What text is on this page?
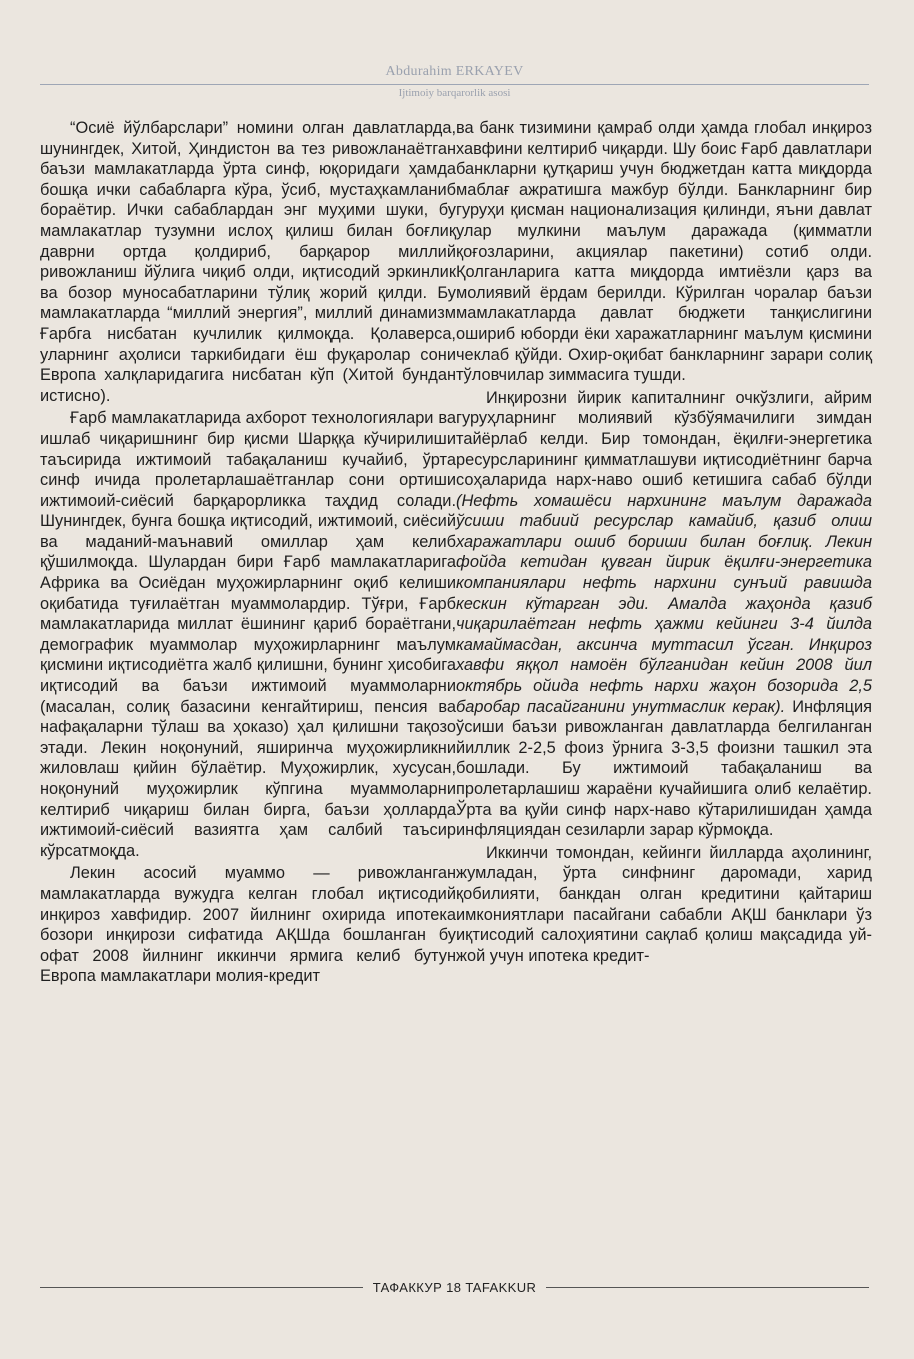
Abdurahim ERKAYEV
Ijtimoiy barqarorlik asosi

“Осиё йўлбарслари” номини олган давлатларда, шунингдек, Хитой, Ҳиндистон ва тез ривожланаётган баъзи мамлакатларда ўрта синф, юқоридаги ҳамда бошқа ички сабабларга кўра, ўсиб, мустаҳкамланиб бораётир. Ички сабаблардан энг муҳими шуки, бу мамлакатлар тузумни ислоҳ қилиш билан боғлиқ даврни ортда қолдириб, барқарор миллий ривожланиш йўлига чиқиб олди, иқтисодий эркинлик ва бозор муносабатларини тўлиқ жорий қилди. Бу мамлакатларда “миллий энергия”, миллий динамизм Ғарбга нисбатан кучлилик қилмоқда. Қолаверса, уларнинг аҳолиси таркибидаги ёш фуқаролар сони Европа халқларидагига нисбатан кўп (Хитой бундан истисно).

Ғарб мамлакатларида ахборот технологиялари ва ишлаб чиқаришнинг бир қисми Шарққа кўчирилиши таъсирида ижтимоий табақаланиш кучайиб, ўрта синф ичида пролетарлашаётганлар сони ортиши ижтимоий-сиёсий барқарорликка таҳдид солади. Шунингдек, бунга бошқа иқтисодий, ижтимоий, сиёсий ва маданий-маънавий омиллар ҳам келиб қўшилмоқда. Шулардан бири Ғарб мамлакатларига Африка ва Осиёдан муҳожирларнинг оқиб келиши оқибатида туғилаётган муаммолардир. Тўғри, Ғарб мамлакатларида миллат ёшининг қариб бораётгани, демографик муаммолар муҳожирларнинг маълум қисмини иқтисодиётга жалб қилишни, бунинг ҳисобига иқтисодий ва баъзи ижтимоий муаммоларни (масалан, солиқ базасини кенгайтириш, пенсия ва нафақаларни тўлаш ва ҳоказо) ҳал қилишни тақозо этади. Лекин ноқонуний, яширинча муҳожирликни жиловлаш қийин бўлаётир. Муҳожирлик, хусусан, ноқонуний муҳожирлик кўпгина муаммоларни келтириб чиқариш билан бирга, баъзи ҳолларда ижтимоий-сиёсий вазиятга ҳам салбий таъсир кўрсатмоқда.

Лекин асосий муаммо — ривожланган мамлакатларда вужудга келган глобал иқтисодий инқироз хавфидир. 2007 йилнинг охирида ипотека бозори инқирози сифатида АҚШда бошланган бу офат 2008 йилнинг иккинчи ярмига келиб бутун Европа мамлакатлари молия-кредит

ва банк тизимини қамраб олди ҳамда глобал инқироз хавфини келтириб чиқарди. Шу боис Ғарб давлатлари банкларни қутқариш учун бюджетдан катта миқдорда маблағ ажратишга мажбур бўлди. Банкларнинг бир гуруҳи қисман национализация қилинди, яъни давлат улар мулкини маълум даражада (қимматли қоғозларини, акциялар пакетини) сотиб олди. Қолганларига катта миқдорда имтиёзли қарз ва молиявий ёрдам берилди. Кўрилган чоралар баъзи мамлакатларда давлат бюджети танқислигини ошириб юборди ёки харажатларнинг маълум қисмини чеклаб қўйди. Охир-оқибат банкларнинг зарари солиқ тўловчилар зиммасига тушди.

Инқирозни йирик капиталнинг очкўзлиги, айрим гуруҳларнинг молиявий кўзбўямачилиги зимдан тайёрлаб келди. Бир томондан, ёқилғи-энергетика ресурсларининг қимматлашуви иқтисодиётнинг барча соҳаларида нарх-наво ошиб кетишига сабаб бўлди (Нефть хомашёси нархининг маълум даражада ўсиши табиий ресурслар камайиб, қазиб олиш харажатлари ошиб бориши билан боғлиқ. Лекин фойда кетидан қувган йирик ёқилғи-энергетика компаниялари нефть нархини сунъий равишда кескин кўтарган эди. Амалда жаҳонда қазиб чиқарилаётган нефть ҳажми кейинги 3-4 йилда камаймасдан, аксинча муттасил ўсган. Инқироз хавфи яққол намоён бўлганидан кейин 2008 йил октябрь ойида нефть нархи жаҳон бозорида 2,5 баробар пасайганини унутмаслик керак). Инфляция ўсиши баъзи ривожланган давлатларда белгиланган йиллик 2-2,5 фоиз ўрнига 3-3,5 фоизни ташкил эта бошлади. Бу ижтимоий табақаланиш ва пролетарлашиш жараёни кучайишига олиб келаётир. Ўрта ва қуйи синф нарх-наво кўтарилишидан ҳамда инфляциядан сезиларли зарар кўрмоқда.

Иккинчи томондан, кейинги йилларда аҳолининг, жумладан, ўрта синфнинг даромади, харид қобилияти, банкдан олган кредитини қайтариш имкониятлари пасайгани сабабли АҚШ банклари ўз иқтисодий салоҳиятини сақлаб қолиш мақсадида уй-жой учун ипотека кредит-

ТАФАККУР 18 TAFAKKUR
